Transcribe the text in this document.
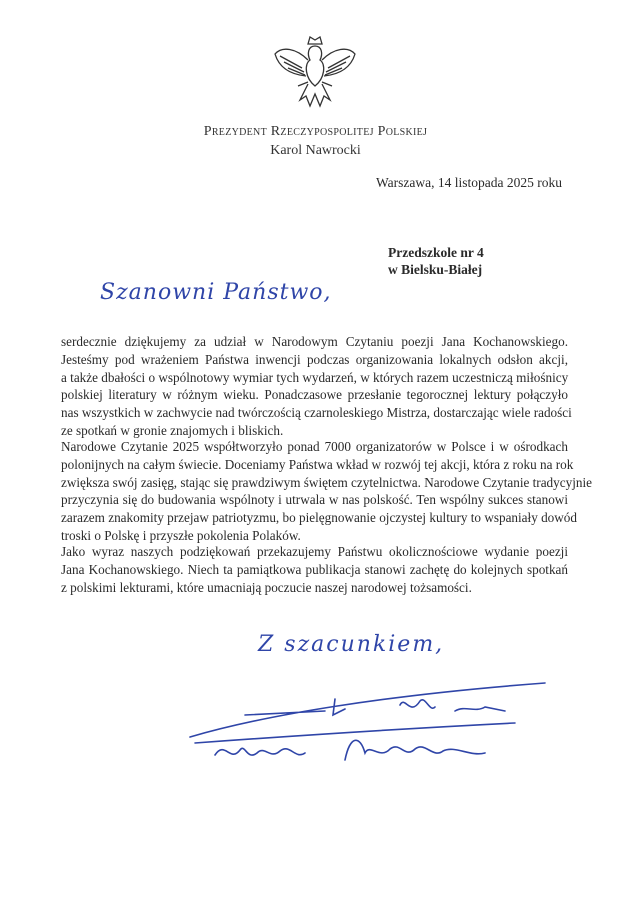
Prezydent Rzeczypospolitej Polskiej
Karol Nawrocki
Warszawa, 14 listopada 2025 roku
Przedszkole nr 4
w Bielsku-Białej
Szanowni Państwo,
serdecznie dziękujemy za udział w Narodowym Czytaniu poezji Jana Kochanowskiego.
Jesteśmy pod wrażeniem Państwa inwencji podczas organizowania lokalnych odsłon akcji,
a także dbałości o wspólnotowy wymiar tych wydarzeń, w których razem uczestniczą miłośnicy
polskiej literatury w różnym wieku. Ponadczasowe przesłanie tegorocznej lektury połączyło
nas wszystkich w zachwycie nad twórczością czarnoleskiego Mistrza, dostarczając wiele radości
ze spotkań w gronie znajomych i bliskich.
Narodowe Czytanie 2025 współtworzyło ponad 7000 organizatorów w Polsce i w ośrodkach
polonijnych na całym świecie. Doceniamy Państwa wkład w rozwój tej akcji, która z roku na rok
zwiększa swój zasięg, stając się prawdziwym świętem czytelnictwa. Narodowe Czytanie tradycyjnie
przyczynia się do budowania wspólnoty i utrwala w nas polskość. Ten wspólny sukces stanowi
zarazem znakomity przejaw patriotyzmu, bo pielęgnowanie ojczystej kultury to wspaniały dowód
troski o Polskę i przyszłe pokolenia Polaków.
Jako wyraz naszych podziękowań przekazujemy Państwu okolicznościowe wydanie poezji
Jana Kochanowskiego. Niech ta pamiątkowa publikacja stanowi zachętę do kolejnych spotkań
z polskimi lekturami, które umacniają poczucie naszej narodowej tożsamości.
Z szacunkiem,
